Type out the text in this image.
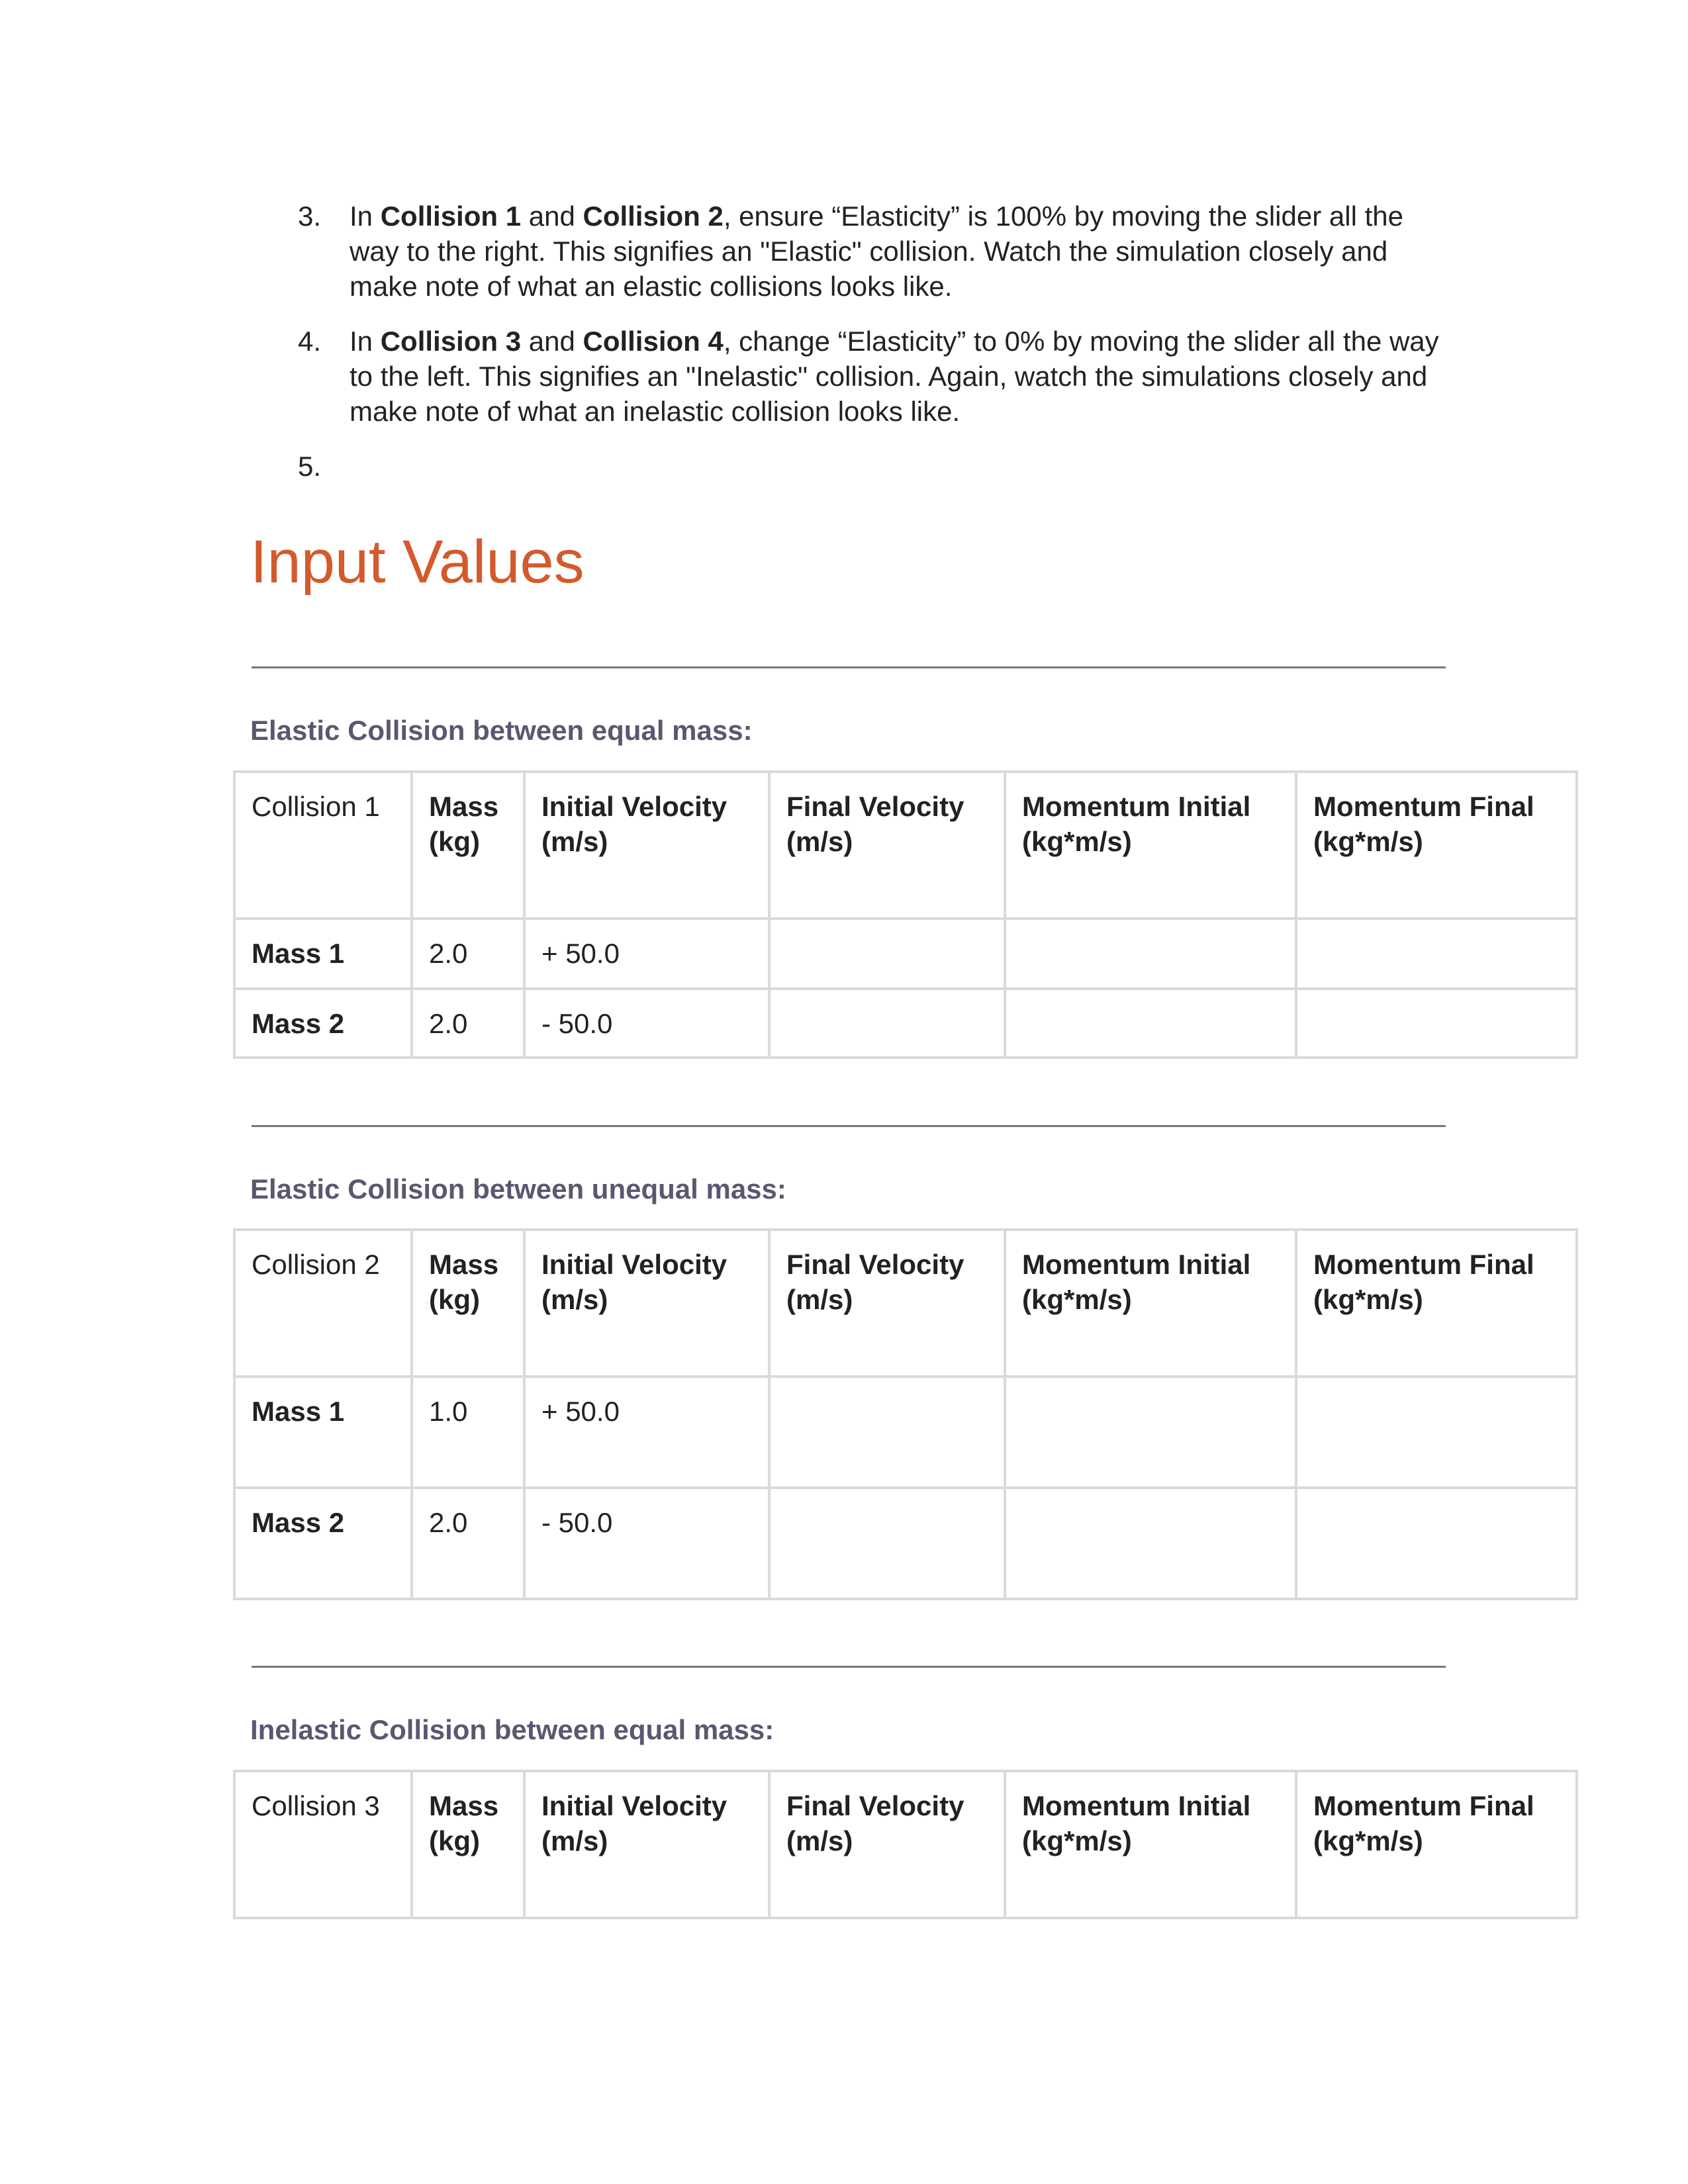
3. In Collision 1 and Collision 2, ensure “Elasticity” is 100% by moving the slider all the way to the right. This signifies an "Elastic" collision. Watch the simulation closely and make note of what an elastic collisions looks like.
4. In Collision 3 and Collision 4, change “Elasticity” to 0% by moving the slider all the way to the left. This signifies an "Inelastic" collision. Again, watch the simulations closely and make note of what an inelastic collision looks like.
5.
Input Values
Elastic Collision between equal mass:
Collision 1	Mass (kg)	Initial Velocity (m/s)	Final Velocity (m/s)	Momentum Initial (kg*m/s)	Momentum Final (kg*m/s)
Mass 1	2.0	+ 50.0			
Mass 2	2.0	- 50.0			
Elastic Collision between unequal mass:
Collision 2	Mass (kg)	Initial Velocity (m/s)	Final Velocity (m/s)	Momentum Initial (kg*m/s)	Momentum Final (kg*m/s)
Mass 1	1.0	+ 50.0			
Mass 2	2.0	- 50.0			
Inelastic Collision between equal mass:
Collision 3	Mass (kg)	Initial Velocity (m/s)	Final Velocity (m/s)	Momentum Initial (kg*m/s)	Momentum Final (kg*m/s)
